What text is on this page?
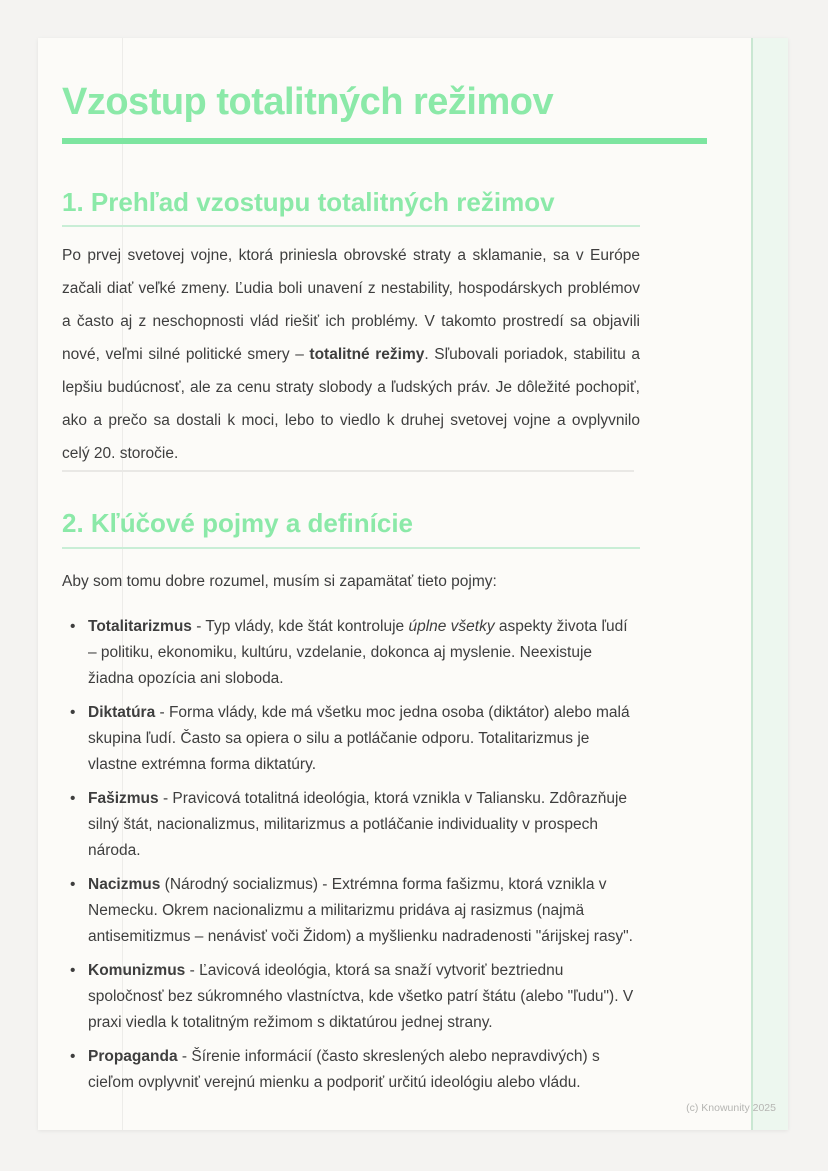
Vzostup totalitných režimov
1. Prehľad vzostupu totalitných režimov

Po prvej svetovej vojne, ktorá priniesla obrovské straty a sklamanie, sa v Európe začali diať veľké zmeny. Ľudia boli unavení z nestability, hospodárskych problémov a často aj z neschopnosti vlád riešiť ich problémy. V takomto prostredí sa objavili nové, veľmi silné politické smery – totalitné režimy. Sľubovali poriadok, stabilitu a lepšiu budúcnosť, ale za cenu straty slobody a ľudských práv. Je dôležité pochopiť, ako a prečo sa dostali k moci, lebo to viedlo k druhej svetovej vojne a ovplyvnilo celý 20. storočie.

2. Kľúčové pojmy a definície

Aby som tomu dobre rozumel, musím si zapamätať tieto pojmy:

• Totalitarizmus - Typ vlády, kde štát kontroluje úplne všetky aspekty života ľudí – politiku, ekonomiku, kultúru, vzdelanie, dokonca aj myslenie. Neexistuje žiadna opozícia ani sloboda.
• Diktatúra - Forma vlády, kde má všetku moc jedna osoba (diktátor) alebo malá skupina ľudí. Často sa opiera o silu a potláčanie odporu. Totalitarizmus je vlastne extrémna forma diktatúry.
• Fašizmus - Pravicová totalitná ideológia, ktorá vznikla v Taliansku. Zdôrazňuje silný štát, nacionalizmus, militarizmus a potláčanie individuality v prospech národa.
• Nacizmus (Národný socializmus) - Extrémna forma fašizmu, ktorá vznikla v Nemecku. Okrem nacionalizmu a militarizmu pridáva aj rasizmus (najmä antisemitizmus – nenávisť voči Židom) a myšlienku nadradenosti "árijskej rasy".
• Komunizmus - Ľavicová ideológia, ktorá sa snaží vytvoriť beztriednu spoločnosť bez súkromného vlastníctva, kde všetko patrí štátu (alebo "ľudu"). V praxi viedla k totalitným režimom s diktatúrou jednej strany.
• Propaganda - Šírenie informácií (často skreslených alebo nepravdivých) s cieľom ovplyvniť verejnú mienku a podporiť určitú ideológiu alebo vládu.
(c) Knowunity 2025
